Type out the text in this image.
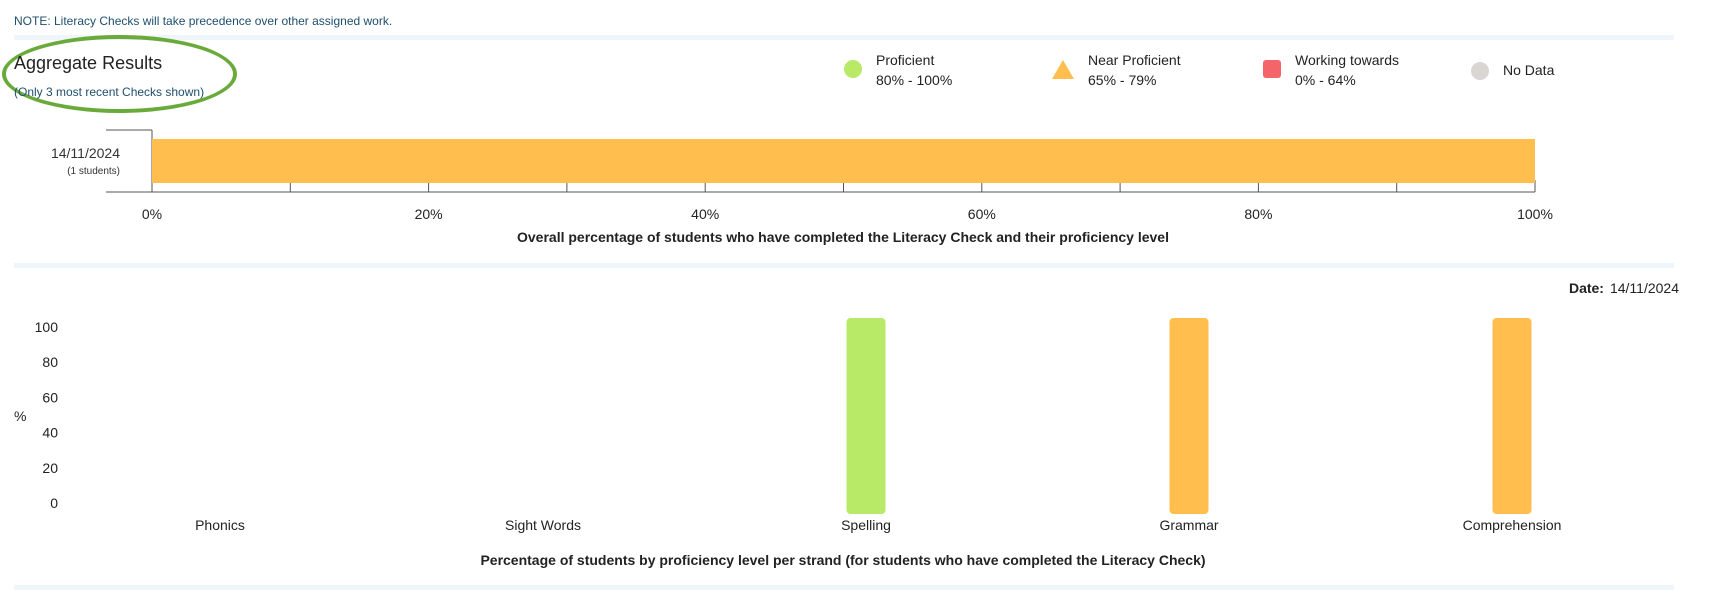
NOTE: Literacy Checks will take precedence over other assigned work.
Aggregate Results
(Only 3 most recent Checks shown)
Proficient
80% - 100%
Near Proficient
65% - 79%
Working towards
0% - 64%
No Data
0%	20%	40%	60%	80%	100%
14/11/2024
(1 students)
Overall percentage of students who have completed the Literacy Check and their proficiency level
Date: 14/11/2024
%
100
80
60
40
20
0
Phonics	Sight Words	Spelling	Grammar	Comprehension
Percentage of students by proficiency level per strand (for students who have completed the Literacy Check)
